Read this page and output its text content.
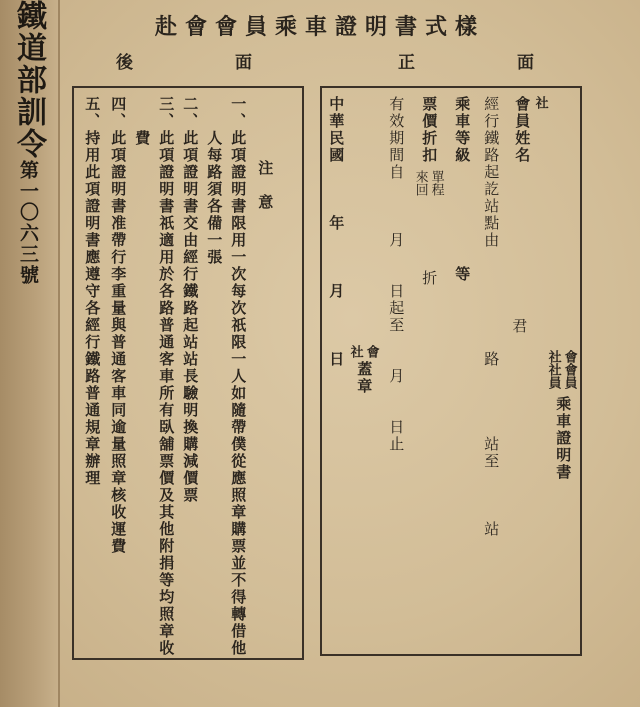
鐵道部訓令第一〇六三號
赴會會員乘車證明書式樣
正　　　　　　面
後　　　　　　面
社
會員姓名
經行鐵路起訖站點由　　　　　　路　　　　站至　　　站
乘車等級　　　　　　等
票價折扣
單程
來回
折
有效期間自　　　月　　日起至　　月　　日止
中華民國　　　年　　　月　　　日	君
會
社
會員
社員
乘車證明書
會
社
蓋章
注　意
一、此項證明書限用一次每次祇限一人如隨帶僕從應照章購票並不得轉借他
　　人每路須各備一張
二、此項證明書交由經行鐵路起站站長驗明換購減價票
三、此項證明書祇適用於各路普通客車所有臥舖票價及其他附捐等均照章收
　　費
四、此項證明書准帶行李重量與普通客車同逾量照章核收運費
五、持用此項證明書應遵守各經行鐵路普通規章辦理
